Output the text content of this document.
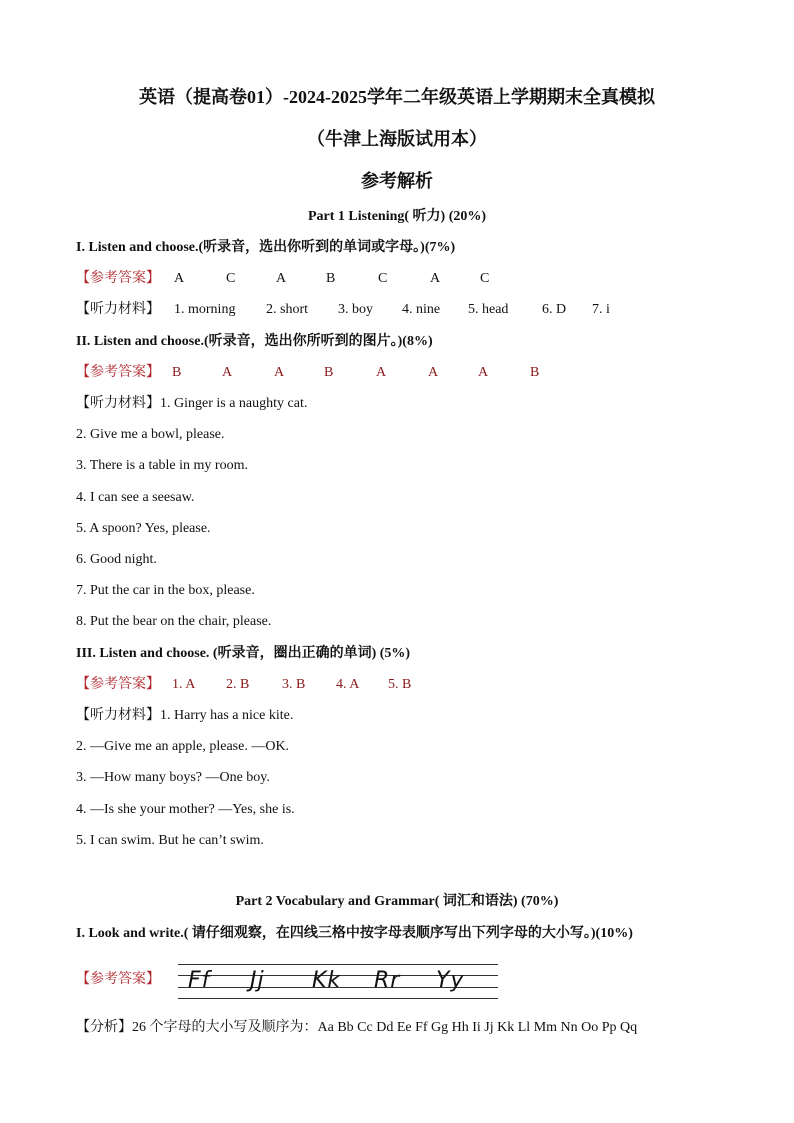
英语（提高卷01）-2024-2025学年二年级英语上学期期末全真模拟
（牛津上海版试用本）
参考解析
Part 1 Listening( 听力) (20%)
I. Listen and choose.(听录音，选出你听到的单词或字母。)(7%)
【参考答案】 A	C	A	B	C	A	C
【听力材料】 1. morning 2. short 3. boy 4. nine 5. head 6. D 7. i
II. Listen and choose.(听录音，选出你所听到的图片。)(8%)
【参考答案】 B	A	A	B	A	A	A	B
【听力材料】1. Ginger is a naughty cat.
2. Give me a bowl, please.
3. There is a table in my room.
4. I can see a seesaw.
5. A spoon? Yes, please.
6. Good night.
7. Put the car in the box, please.
8. Put the bear on the chair, please.
III. Listen and choose. (听录音，圈出正确的单词) (5%)
【参考答案】 1. A 2. B 3. B 4. A 5. B
【听力材料】1. Harry has a nice kite.
2. —Give me an apple, please. —OK.
3. —How many boys? —One boy.
4. —Is she your mother? —Yes, she is.
5. I can swim. But he can’t swim.
Part 2 Vocabulary and Grammar( 词汇和语法) (70%)
I. Look and write.( 请仔细观察，在四线三格中按字母表顺序写出下列字母的大小写。)(10%)
【参考答案】 Ff Jj Kk Rr Yy
【分析】26 个字母的大小写及顺序为：Aa Bb Cc Dd Ee Ff Gg Hh Ii Jj Kk Ll Mm Nn Oo Pp Qq
